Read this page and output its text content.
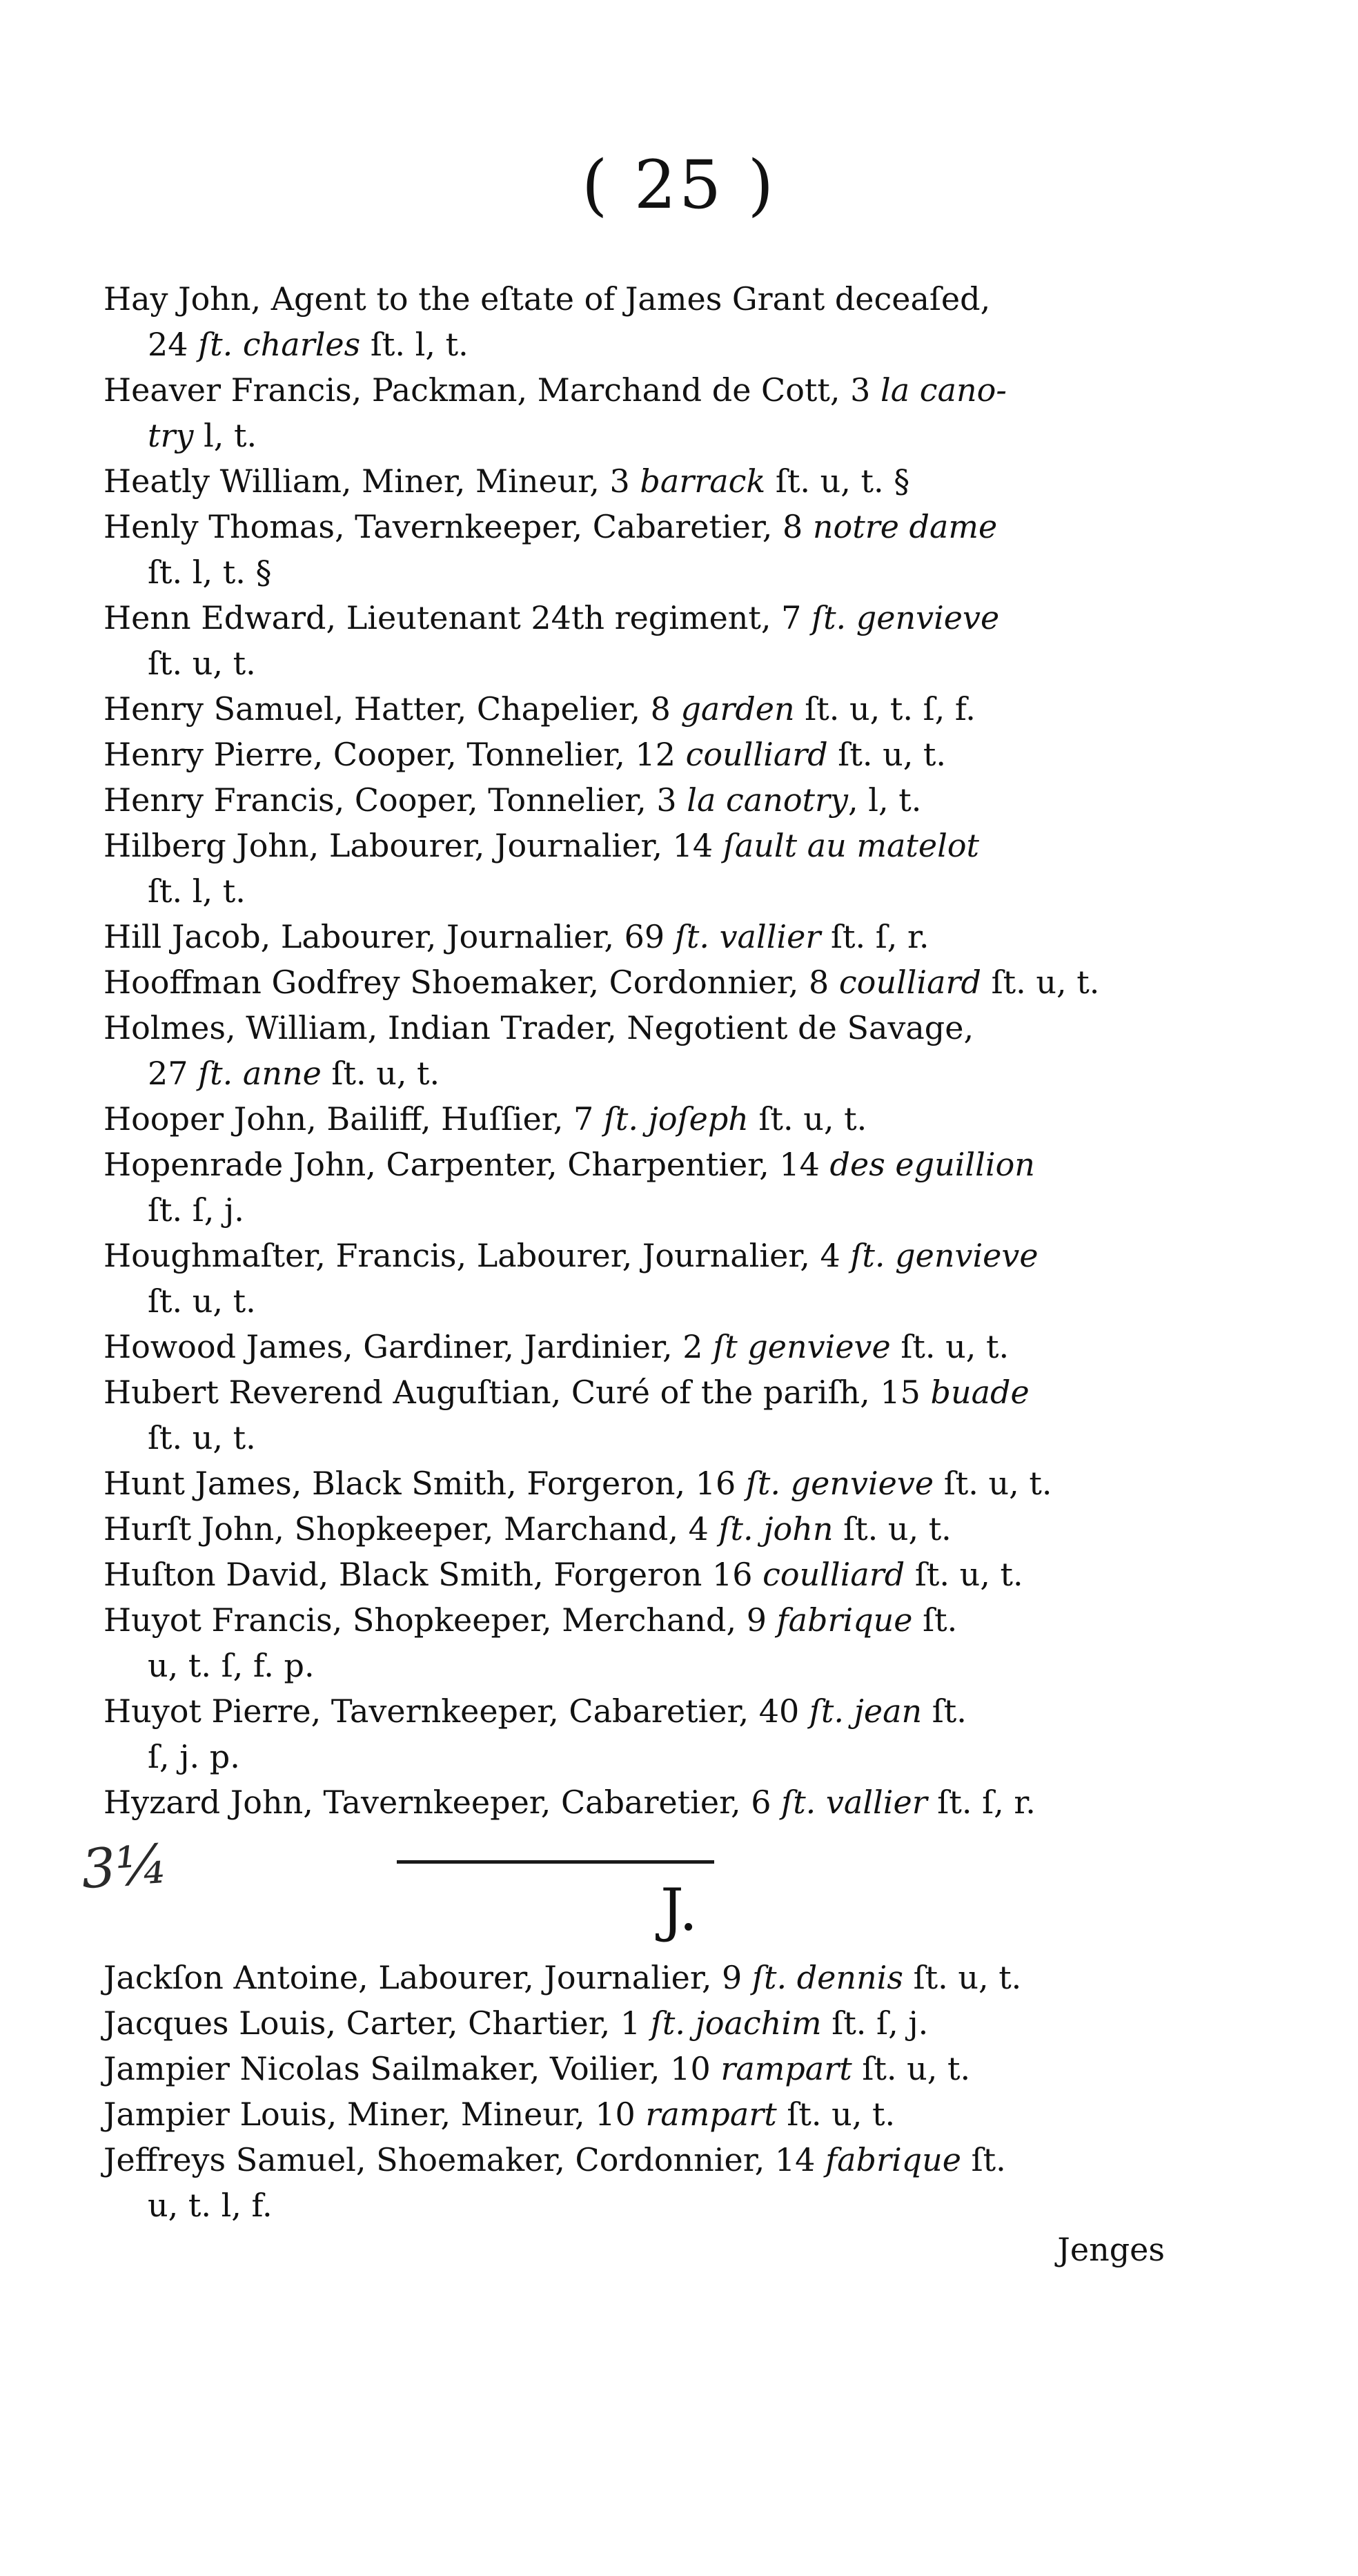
( 25 )
Hay John, Agent to the eſtate of James Grant deceaſed,
24 ſt. charles ſt. l, t.
Heaver Francis, Packman, Marchand de Cott, 3 la cano-
try l, t.
Heatly William, Miner, Mineur, 3 barrack ſt. u, t. §
Henly Thomas, Tavernkeeper, Cabaretier, 8 notre dame
ſt. l, t. §
Henn Edward, Lieutenant 24th regiment, 7 ſt. genvieve
ſt. u, t.
Henry Samuel, Hatter, Chapelier, 8 garden ſt. u, t. ſ, f.
Henry Pierre, Cooper, Tonnelier, 12 coulliard ſt. u, t.
Henry Francis, Cooper, Tonnelier, 3 la canotry, l, t.
Hilberg John, Labourer, Journalier, 14 ſault au matelot
ſt. l, t.
Hill Jacob, Labourer, Journalier, 69 ſt. vallier ſt. ſ, r.
Hooffman Godfrey Shoemaker, Cordonnier, 8 coulliard ſt. u, t.
Holmes, William, Indian Trader, Negotient de Savage,
27 ſt. anne ſt. u, t.
Hooper John, Bailiff, Huſſier, 7 ſt. joſeph ſt. u, t.
Hopenrade John, Carpenter, Charpentier, 14 des eguillion
ſt. ſ, j.
Houghmaſter, Francis, Labourer, Journalier, 4 ſt. genvieve
ſt. u, t.
Howood James, Gardiner, Jardinier, 2 ſt genvieve ſt. u, t.
Hubert Reverend Auguſtian, Curé of the pariſh, 15 buade
ſt. u, t.
Hunt James, Black Smith, Forgeron, 16 ſt. genvieve ſt. u, t.
Hurſt John, Shopkeeper, Marchand, 4 ſt. john ſt. u, t.
Huſton David, Black Smith, Forgeron 16 coulliard ſt. u, t.
Huyot Francis, Shopkeeper, Merchand, 9 fabrique ſt.
u, t. ſ, f. p.
Huyot Pierre, Tavernkeeper, Cabaretier, 40 ſt. jean ſt.
ſ, j. p.
Hyzard John, Tavernkeeper, Cabaretier, 6 ſt. vallier ſt. ſ, r.
3¼
J.
Jackſon Antoine, Labourer, Journalier, 9 ſt. dennis ſt. u, t.
Jacques Louis, Carter, Chartier, 1 ſt. joachim ſt. ſ, j.
Jampier Nicolas Sailmaker, Voilier, 10 rampart ſt. u, t.
Jampier Louis, Miner, Mineur, 10 rampart ſt. u, t.
Jeffreys Samuel, Shoemaker, Cordonnier, 14 fabrique ſt.
u, t. l, f.
Jenges
